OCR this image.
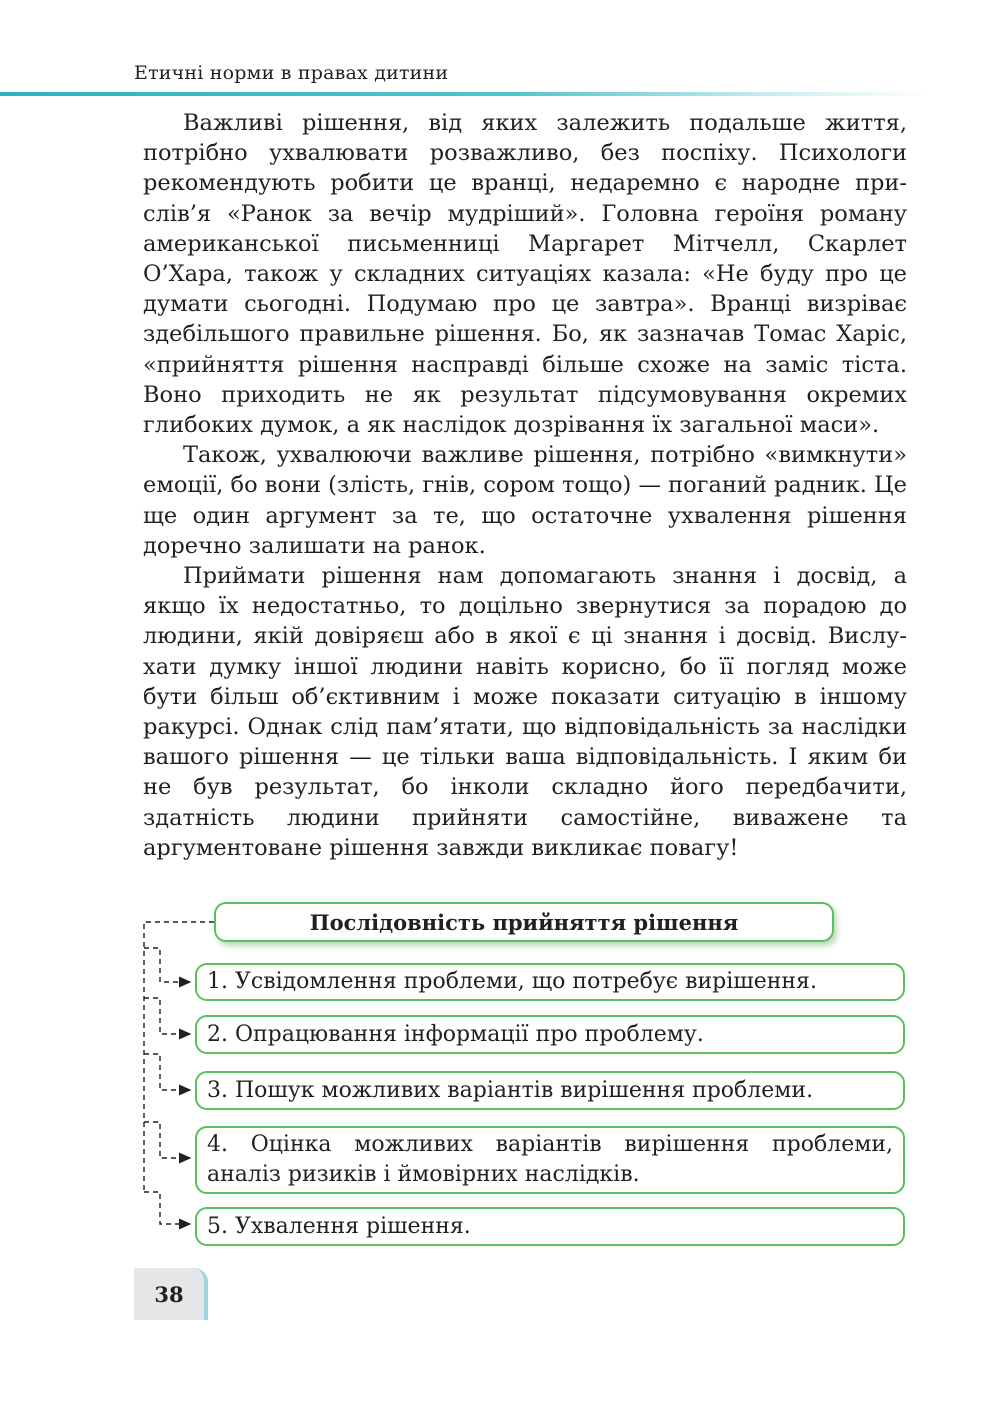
Етичні норми в правах дитини

Важливі рішення, від яких залежить подальше життя, потрібно ухвалювати розважливо, без поспіху. Психологи рекомендують робити це вранці, недаремно є народне прислів’я «Ранок за вечір мудріший». Головна героїня роману американської письменниці Маргарет Мітчелл, Скарлет О’Хара, також у складних ситуаціях казала: «Не буду про це думати сьогодні. Подумаю про це завтра». Вранці визріває здебільшого правильне рішення. Бо, як зазначав Томас Харіс, «прийняття рішення насправді більше схоже на заміс тіста. Воно приходить не як результат підсумовування окремих глибоких думок, а як наслідок дозрівання їх загальної маси».

Також, ухвалюючи важливе рішення, потрібно «вимкнути» емоції, бо вони (злість, гнів, сором тощо) — поганий радник. Це ще один аргумент за те, що остаточне ухвалення рішення доречно залишати на ранок.

Приймати рішення нам допомагають знання і досвід, а якщо їх недостатньо, то доцільно звернутися за порадою до людини, якій довіряєш або в якої є ці знання і досвід. Вислухати думку іншої людини навіть корисно, бо її погляд може бути більш об’єктивним і може показати ситуацію в іншому ракурсі. Однак слід пам’ятати, що відповідальність за наслідки вашого рішення — це тільки ваша відповідальність. І яким би не був результат, бо інколи складно його передбачити, здатність людини прийняти самостійне, виважене та аргументоване рішення завжди викликає повагу!

Послідовність прийняття рішення
1. Усвідомлення проблеми, що потребує вирішення.
2. Опрацювання інформації про проблему.
3. Пошук можливих варіантів вирішення проблеми.
4. Оцінка можливих варіантів вирішення проблеми, аналіз ризиків і ймовірних наслідків.
5. Ухвалення рішення.
38
